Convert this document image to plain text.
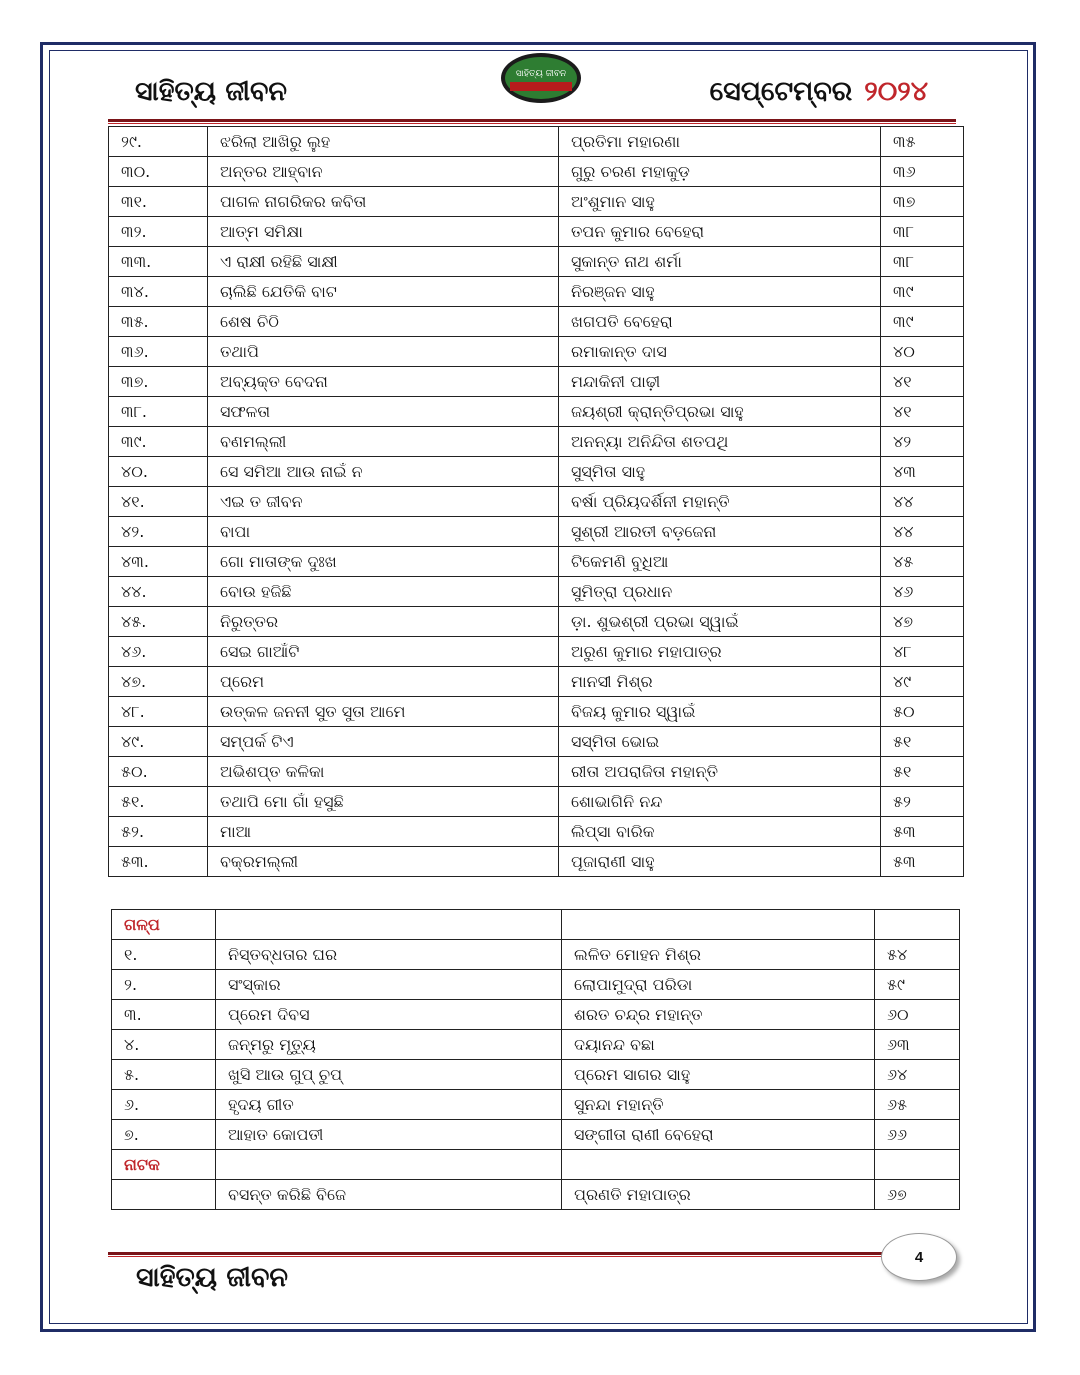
ସାହିତ୍ୟ ଜୀବନ
ସାହିତ୍ୟ ଜୀବନ
ସେପ୍ଟେମ୍ବର ୨୦୨୪
୨୯.	ଝରିଲା ଆଖିରୁ ଲୁହ	ପ୍ରତିମା ମହାରଣା	୩୫
୩୦.	ଅନ୍ତର ଆହ୍ବାନ	ଗୁରୁ ଚରଣ ମହାକୁଡ଼	୩୬
୩୧.	ପାଗଳ ନାଗରିକର କବିତା	ଅଂଶୁମାନ ସାହୁ	୩୭
୩୨.	ଆତ୍ମ ସମିକ୍ଷା	ତପନ କୁମାର ବେହେରା	୩୮
୩୩.	ଏ ରାକ୍ଷୀ ରହିଛି ସାକ୍ଷୀ	ସୁକାନ୍ତ ନାଥ ଶର୍ମା	୩୮
୩୪.	ଚାଲିଛି ଯେତିକି ବାଟ	ନିରଞ୍ଜନ ସାହୁ	୩୯
୩୫.	ଶେଷ ଚିଠି	ଖଗପତି ବେହେରା	୩୯
୩୬.	ତଥାପି	ରମାକାନ୍ତ ଦାସ	୪୦
୩୭.	ଅବ୍ୟକ୍ତ ବେଦନା	ମନ୍ଦାକିନୀ ପାଢ଼ୀ	୪୧
୩୮.	ସଫଳତା	ଜୟଶ୍ରୀ କ୍ରାନ୍ତିପ୍ରଭା ସାହୁ	୪୧
୩୯.	ବଣମଲ୍ଲୀ	ଅନନ୍ୟା ଅନିନ୍ଦିତା ଶତପଥି	୪୨
୪୦.	ସେ ସମିଆ ଆଉ ନାଇଁ ନ	ସୁସ୍ମିତା ସାହୁ	୪୩
୪୧.	ଏଇ ତ ଜୀବନ	ବର୍ଷା ପ୍ରିୟଦର୍ଶିନୀ ମହାନ୍ତି	୪୪
୪୨.	ବାପା	ସୁଶ୍ରୀ ଆରତୀ ବଡ଼ଜେନା	୪୪
୪୩.	ଗୋ ମାତାଙ୍କ ଦୁଃଖ	ଟିକେମଣି ବୁଧିଆ	୪୫
୪୪.	ବୋଉ ହଜିଛି	ସୁମିତ୍ରା ପ୍ରଧାନ	୪୬
୪୫.	ନିରୁତ୍ତର	ଡ଼ା. ଶୁଭଶ୍ରୀ ପ୍ରଭା ସ୍ୱାଇଁ	୪୭
୪୬.	ସେଇ ଗାଆଁଟି	ଅରୁଣ କୁମାର ମହାପାତ୍ର	୪୮
୪୭.	ପ୍ରେମ	ମାନସୀ ମିଶ୍ର	୪୯
୪୮.	ଉତ୍କଳ ଜନନୀ ସୁତ ସୁତା ଆମେ	ବିଜୟ କୁମାର ସ୍ୱାଇଁ	୫୦
୪୯.	ସମ୍ପର୍କ ଟିଏ	ସସ୍ମିତା ଭୋଇ	୫୧
୫୦.	ଅଭିଶପ୍ତ କଳିକା	ରୀତା ଅପରାଜିତା ମହାନ୍ତି	୫୧
୫୧.	ତଥାପି ମୋ ଗାଁ ହସୁଛି	ଶୋଭାଗିନି ନନ୍ଦ	୫୨
୫୨.	ମାଆ	ଲିପ୍ସା ବାରିକ	୫୩
୫୩.	ବକ୍ରମଲ୍ଲୀ	ପୂଜାରାଣୀ ସାହୁ	୫୩
ଗଳ୍ପ			
୧.	ନିସ୍ତବ୍ଧତାର ଘର	ଲଳିତ ମୋହନ ମିଶ୍ର	୫୪
୨.	ସଂସ୍କାର	ଲୋପାମୁଦ୍ରା ପରିଡା	୫୯
୩.	ପ୍ରେମ ଦିବସ	ଶରତ ଚନ୍ଦ୍ର ମହାନ୍ତ	୬୦
୪.	ଜନ୍ମରୁ ମୃତ୍ୟୁ	ଦୟାନନ୍ଦ ବଛା	୬୩
୫.	ଖୁସି ଆଉ ଗୁପ୍ ଚୁପ୍	ପ୍ରେମ ସାଗର ସାହୁ	୬୪
୬.	ହୃଦୟ ଗୀତ	ସୁନନ୍ଦା ମହାନ୍ତି	୬୫
୭.	ଆହାତ କୋପତୀ	ସଙ୍ଗୀତା ରାଣୀ ବେହେରା	୬୬
ନାଟକ			
	ବସନ୍ତ କରିଛି ବିଜେ	ପ୍ରଣତି ମହାପାତ୍ର	୬୭
4
ସାହିତ୍ୟ ଜୀବନ
